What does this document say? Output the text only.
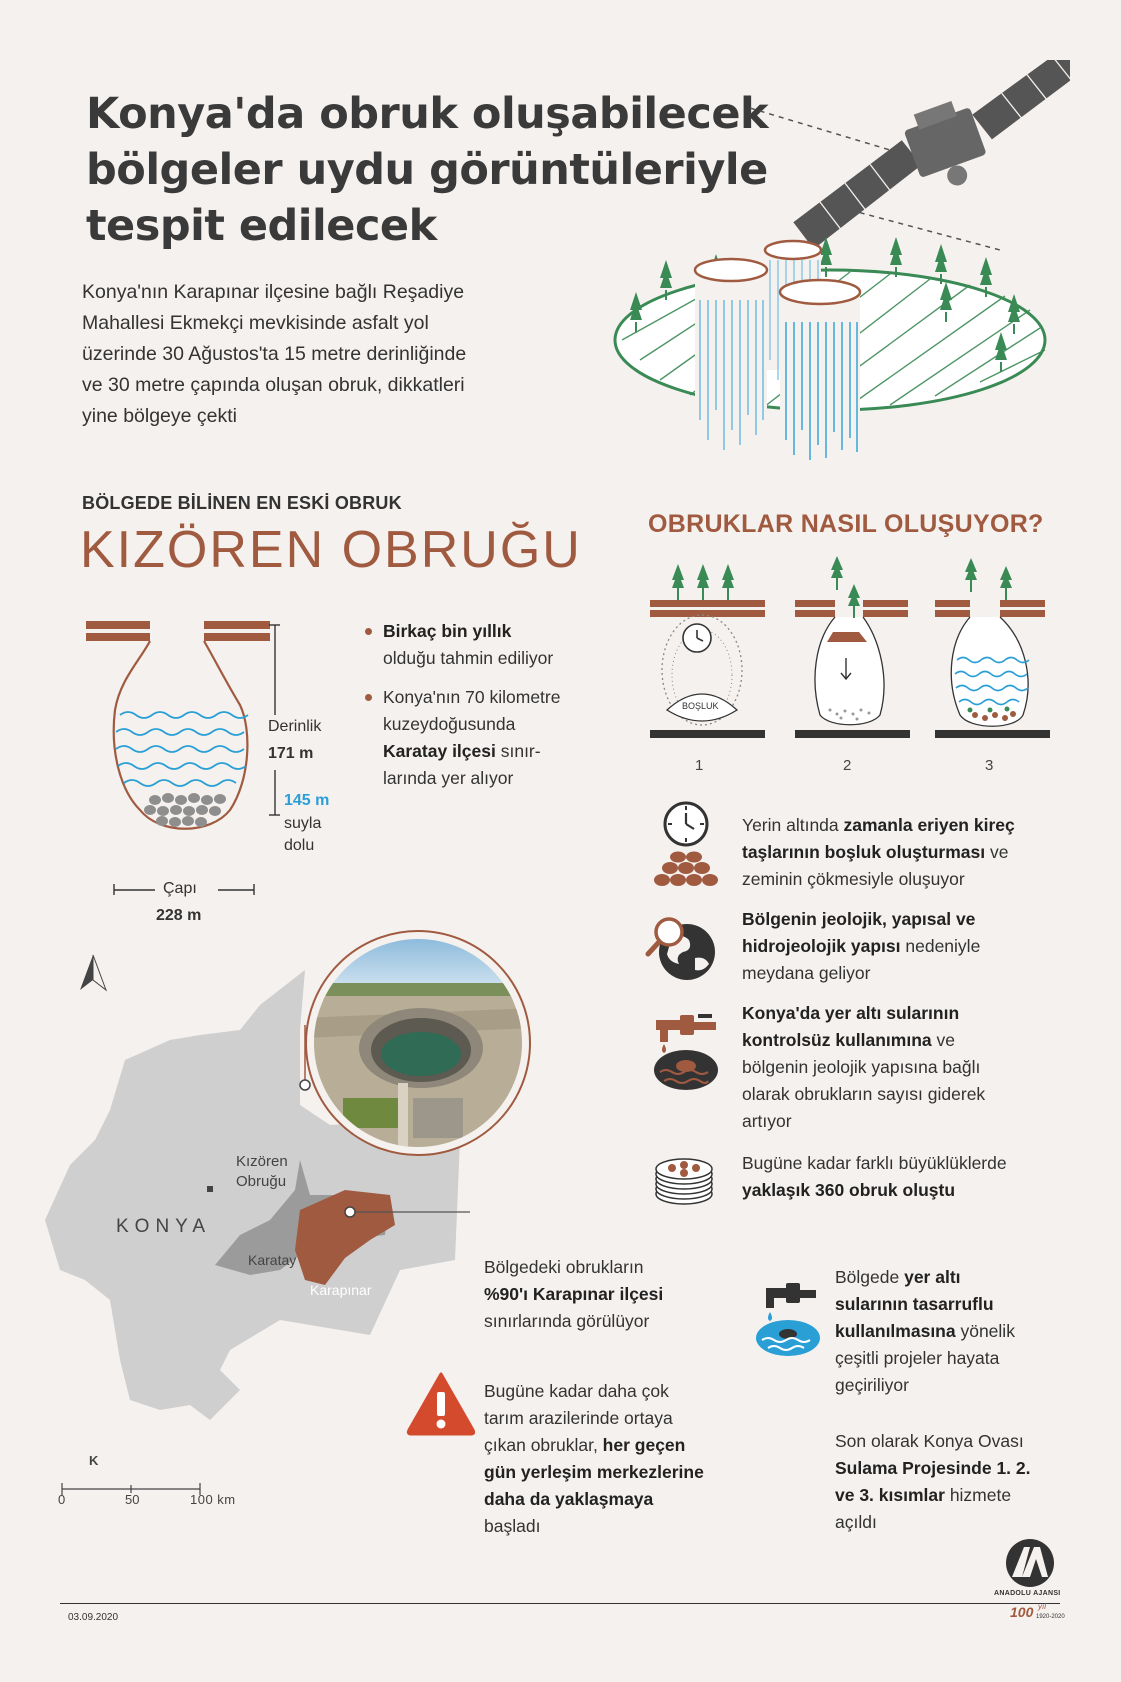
Konya'da obruk oluşabilecek
bölgeler uydu görüntüleriyle
tespit edilecek
Konya'nın Karapınar ilçesine bağlı Reşadiye
Mahallesi Ekmekçi mevkisinde asfalt yol
üzerinde 30 Ağustos'ta 15 metre derinliğinde
ve 30 metre çapında oluşan obruk, dikkatleri
yine bölgeye çekti
BÖLGEDE BİLİNEN EN ESKİ OBRUK
KIZÖREN OBRUĞU
Derinlik
171 m
145 m
suyla
dolu
Çapı
228 m
Birkaç bin yıllık
olduğu tahmin ediliyor
Konya'nın 70 kilometre
kuzeydoğusunda
Karatay ilçesi sınır-
larında yer alıyor
OBRUKLAR NASIL OLUŞUYOR?
BOŞLUK
1	2	3
Yerin altında zamanla eriyen kireç
taşlarının boşluk oluşturması ve
zeminin çökmesiyle oluşuyor
Bölgenin jeolojik, yapısal ve
hidrojeolojik yapısı nedeniyle
meydana geliyor
Konya'da yer altı sularının
kontrolsüz kullanımına ve
bölgenin jeolojik yapısına bağlı
olarak obrukların sayısı giderek
artıyor
Bugüne kadar farklı büyüklüklerde
yaklaşık 360 obruk oluştu
KONYA
Kızören
Obruğu
Karatay
Karapınar
K
0	50	100 km
Bölgedeki obrukların
%90'ı Karapınar ilçesi
sınırlarında görülüyor
Bugüne kadar daha çok
tarım arazilerinde ortaya
çıkan obruklar, her geçen
gün yerleşim merkezlerine
daha da yaklaşmaya
başladı
Bölgede yer altı
sularının tasarruflu
kullanılmasına yönelik
çeşitli projeler hayata
geçiriliyor
Son olarak Konya Ovası
Sulama Projesinde 1. 2.
ve 3. kısımlar hizmete
açıldı
03.09.2020
ANADOLU AJANSI
100 yıl
1920-2020
